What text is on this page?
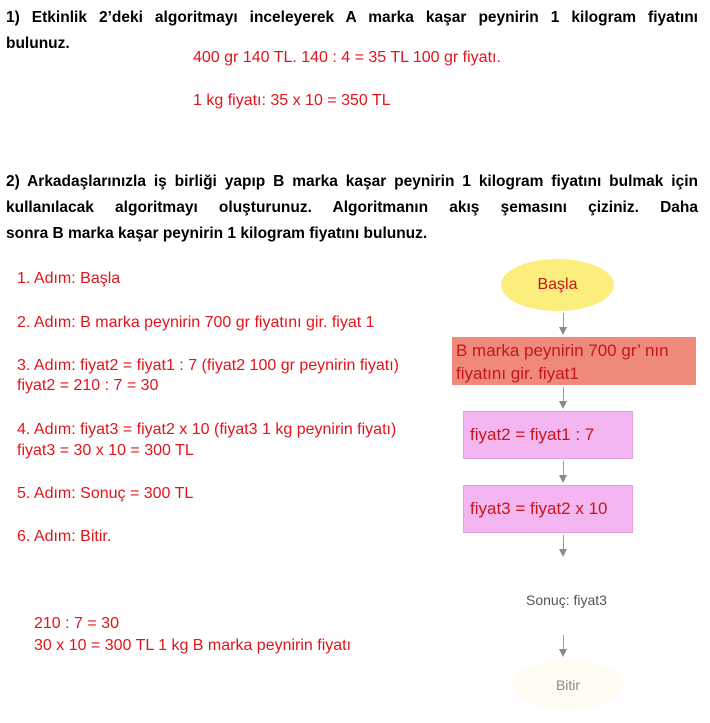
1) Etkinlik 2’deki algoritmayı inceleyerek A marka kaşar peynirin 1 kilogram fiyatını
bulunuz.
400 gr 140 TL. 140 : 4 = 35 TL 100 gr fiyatı.
1 kg fiyatı: 35 x 10 = 350 TL
2) Arkadaşlarınızla iş birliği yapıp B marka kaşar peynirin 1 kilogram fiyatını bulmak için kullanılacak algoritmayı oluşturunuz. Algoritmanın akış şemasını çiziniz. Daha
sonra B marka kaşar peynirin 1 kilogram fiyatını bulunuz.
1. Adım: Başla
2. Adım: B marka peynirin 700 gr fiyatını gir. fiyat 1
3. Adım: fiyat2 = fiyat1 : 7 (fiyat2 100 gr peynirin fiyatı)
fiyat2 = 210 : 7 = 30
4. Adım: fiyat3 = fiyat2 x 10 (fiyat3 1 kg peynirin fiyatı)
fiyat3 = 30 x 10 = 300 TL
5. Adım: Sonuç = 300 TL
6. Adım: Bitir.
210 : 7 = 30
30 x 10 = 300 TL 1 kg B marka peynirin fiyatı
Başla
B marka peynirin 700 gr’ nın
fiyatını gir. fiyat1
fiyat2 = fiyat1 : 7
fiyat3 = fiyat2 x 10
Sonuç: fiyat3
Bitir
